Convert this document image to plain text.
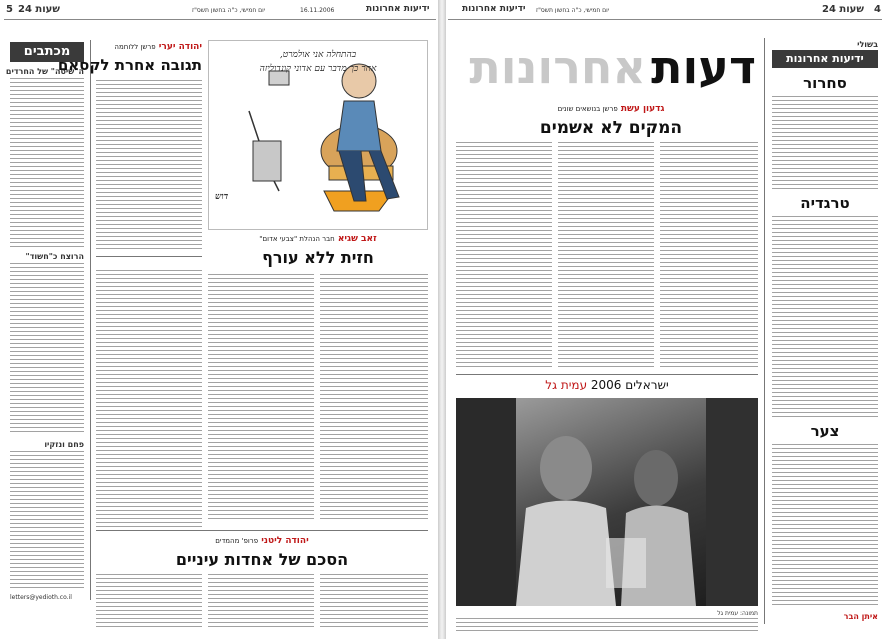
5 24 שעות	16.11.2006
יום חמישי, כ"ה בחשון תשס"ז	ידיעות אחרונות
מכתבים
ה"שיטה" של החרדים
הרוצח כ"חשוד"
פחם ונזקיו
letters@yedioth.co.il
יהודה יערי פרשן ללוחמה
תגובה אחרת לקסאם
בהתחלה אני אולמרט,
אחר כך מדבר עם אדוני קונדוליזה
דוש
זאב שגיא חבר הנהלת "צבעי אדום"
חזית ללא עורף
יהודה ליטני פרופ' מהמדים
הסכם של אחדות עיניים
ידיעות אחרונות יום חמישי, כ"ה בחשון תשס"ז	24 שעות 4
דעות אחרונות	בשולי
ידיעות אחרונות
סחרור
טרגדיה
צער
איתן הבר
גדעון עשת פרשן בנושאים שונים
המקים לא אשמים
ישראלים 2006 עמית גל
תמונה: עמית גל
